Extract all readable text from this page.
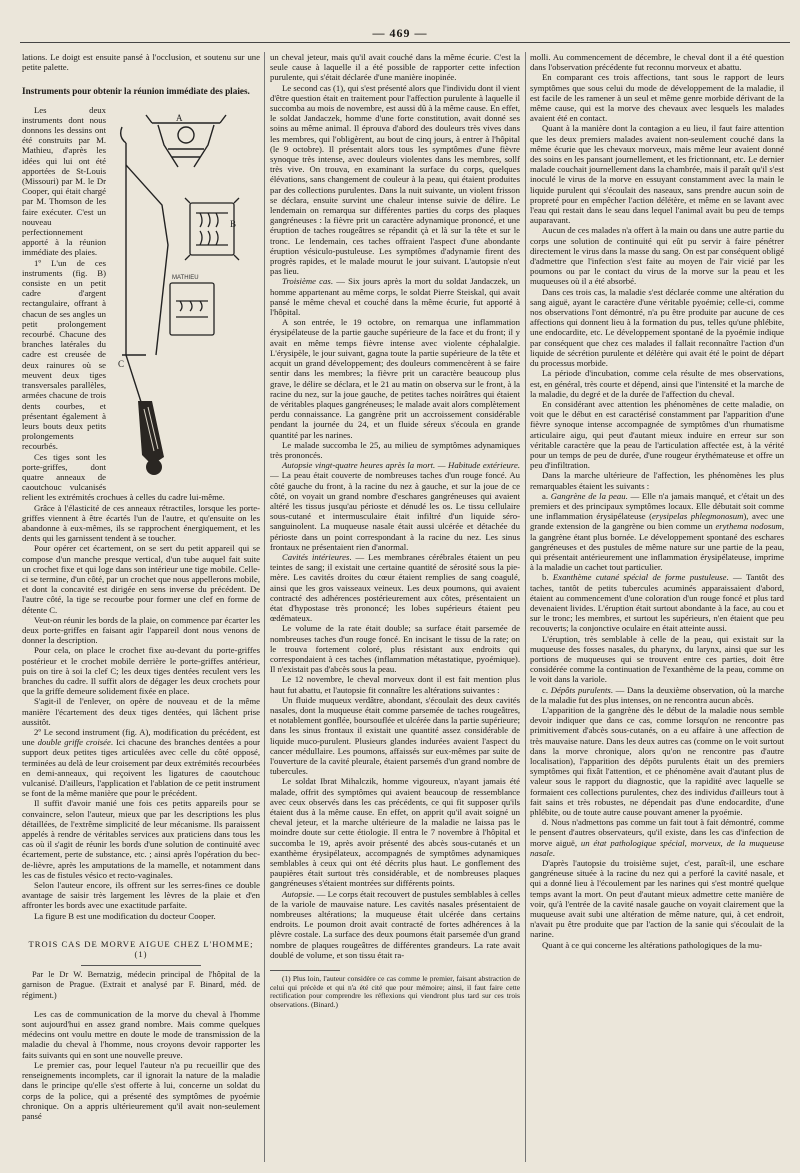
— 469 —

lations. Le doigt est ensuite pansé à l'occlusion, et soutenu sur une petite palette.

Instruments pour obtenir la réunion immédiate des plaies.
A
B
MATHIEU
C

Les deux instruments dont nous donnons les dessins ont été construits par M. Mathieu, d'après les idées qui lui ont été apportées de St-Louis (Missouri) par M. le Dr Cooper, qui était chargé par M. Thomson de les faire exécuter. C'est un nouveau perfectionnement apporté à la réunion immédiate des plaies.

1º L'un de ces instruments (fig. B) consiste en un petit cadre d'argent rectangulaire, offrant à chacun de ses angles un petit prolongement recourbé. Chacune des branches latérales du cadre est creusée de deux rainures où se meuvent deux tiges transversales parallèles, armées chacune de trois dents courbes, et présentant également à leurs bouts deux petits prolongements recourbés.

Ces tiges sont les porte-griffes, dont quatre anneaux de caoutchouc vulcanisés relient les extrémités crochues à celles du cadre lui-même.

Grâce à l'élasticité de ces anneaux rétractiles, lorsque les porte-griffes viennent à être écartés l'un de l'autre, et qu'ensuite on les abandonne à eux-mêmes, ils se rapprochent énergiquement, et les dents qui les garnissent tendent à se toucher.

Pour opérer cet écartement, on se sert du petit appareil qui se compose d'un manche presque vertical, d'un tube auquel fait suite un crochet fixe et qui loge dans son intérieur une tige mobile. Celle-ci se termine, d'un côté, par un crochet que nous appellerons mobile, et dont la concavité est dirigée en sens inverse du précédent. De l'autre côté, la tige se recourbe pour former une clef en forme de détente C.

Veut-on réunir les bords de la plaie, on commence par écarter les deux porte-griffes en faisant agir l'appareil dont nous venons de donner la description.

Pour cela, on place le crochet fixe au-devant du porte-griffes postérieur et le crochet mobile derrière le porte-griffes antérieur, puis on tire à soi la clef C; les deux tiges dentées reculent vers les branches du cadre. Il suffit alors de dégager les deux crochets pour que la griffe demeure solidement fixée en place.

S'agit-il de l'enlever, on opère de nouveau et de la même manière l'écartement des deux tiges dentées, qui lâchent prise aussitôt.

2º Le second instrument (fig. A), modification du précédent, est une double griffe croisée. Ici chacune des branches dentées a pour support deux petites tiges articulées avec celle du côté opposé, terminées au delà de leur croisement par deux extrémités recourbées en demi-anneaux, qui reçoivent les ligatures de caoutchouc vulcanisé. D'ailleurs, l'application et l'ablation de ce petit instrument se font de la même manière que pour le précédent.

Il suffit d'avoir manié une fois ces petits appareils pour se convaincre, selon l'auteur, mieux que par les descriptions les plus détaillées, de l'extrême simplicité de leur mécanisme. Ils paraissent appelés à rendre de véritables services aux praticiens dans tous les cas où il s'agit de réunir les bords d'une solution de continuité avec écartement, perte de substance, etc. ; ainsi après l'opération du bec-de-lièvre, après les amputations de la mamelle, et notamment dans les cas de fistules vésico et recto-vaginales.

Selon l'auteur encore, ils offrent sur les serres-fines ce double avantage de saisir très largement les lèvres de la plaie et d'en affronter les bords avec une exactitude parfaite.

La figure B est une modification du docteur Cooper.

TROIS CAS DE MORVE AIGUE CHEZ L'HOMME; (1)

Par le Dr W. Bernatzig, médecin principal de l'hôpital de la garnison de Prague. (Extrait et analysé par F. Binard, méd. de régiment.)

Les cas de communication de la morve du cheval à l'homme sont aujourd'hui en assez grand nombre. Mais comme quelques médecins ont voulu mettre en doute le mode de transmission de la maladie du cheval à l'homme, nous croyons devoir rapporter les faits suivants qui en sont une nouvelle preuve.

Le premier cas, pour lequel l'auteur n'a pu recueillir que des renseignements incomplets, car il ignorait la nature de la maladie dans le principe qu'elle s'est offerte à lui, concerne un soldat du corps de la police, qui a présenté des symptômes de pyoémie chronique. On a appris ultérieurement qu'il avait non-seulement pansé

un cheval jeteur, mais qu'il avait couché dans la même écurie. C'est la seule cause à laquelle il a été possible de rapporter cette infection purulente, qui s'était déclarée d'une manière inopinée.

Le second cas (1), qui s'est présenté alors que l'individu dont il vient d'être question était en traitement pour l'affection purulente à laquelle il succomba au mois de novembre, est aussi dû à la même cause. En effet, le soldat Jandaczek, homme d'une forte constitution, avait donné ses soins au même animal. Il éprouva d'abord des douleurs très vives dans les membres, qui l'obligèrent, au bout de cinq jours, à entrer à l'hôpital (le 9 octobre). Il présentait alors tous les symptômes d'une fièvre synoque très intense, avec douleurs violentes dans les membres, sollf très vive. On trouva, en examinant la surface du corps, quelques élévations, sans changement de couleur à la peau, qui étaient produites par des collections purulentes. Dans la nuit suivante, un violent frisson se déclara, ensuite survint une chaleur intense suivie de délire. Le lendemain on remarqua sur différentes parties du corps des plaques gangréneuses : la fièvre prit un caractère adynamique prononcé, et une éruption de taches rougeâtres se répandit çà et là sur la tête et sur le tronc. Le lendemain, ces taches offraient l'aspect d'une abondante éruption vésiculo-pustuleuse. Les symptômes d'adynamie firent des progrès rapides, et le malade mourut le jour suivant. L'autopsie n'eut pas lieu.

Troisième cas. — Six jours après la mort du soldat Jandaczek, un homme appartenant au même corps, le soldat Pierre Steiskal, qui avait pansé le même cheval et couché dans la même écurie, fut apporté à l'hôpital.

A son entrée, le 19 octobre, on remarqua une inflammation érysipélateuse de la partie gauche supérieure de la face et du front; il y avait en même temps fièvre intense avec violente céphalalgie. L'érysipèle, le jour suivant, gagna toute la partie supérieure de la tête et acquit un grand développement; des douleurs commencèrent à se faire sentir dans les membres; la fièvre prit un caractère beaucoup plus grave, le délire se déclara, et le 21 au matin on observa sur le front, à la racine du nez, sur la joue gauche, de petites taches noirâtres qui étaient de véritables plaques gangréneuses; le malade avait alors complètement perdu connaissance. La gangrène prit un accroissement considérable pendant la journée du 24, et un fluide séreux s'écoula en grande quantité par les narines.

Le malade succomba le 25, au milieu de symptômes adynamiques très prononcés.

Autopsie vingt-quatre heures après la mort. — Habitude extérieure. — La peau était couverte de nombreuses taches d'un rouge foncé. Au côté gauche du front, à la racine du nez à gauche, et sur la joue de ce côté, on voyait un grand nombre d'eschares gangréneuses qui avaient altéré les tissus jusqu'au périoste et dénudé les os. Le tissu cellulaire sous-cutané et intermusculaire était infiltré d'un liquide séro-sanguinolent. La muqueuse nasale était aussi ulcérée et détachée du périoste dans un point correspondant à la racine du nez. Les sinus frontaux ne présentaient rien d'anormal.

Cavités intérieures. — Les membranes cérébrales étaient un peu teintes de sang; il existait une certaine quantité de sérosité sous la pie-mère. Les cavités droites du cœur étaient remplies de sang coagulé, ainsi que les gros vaisseaux veineux. Les deux poumons, qui avaient contracté des adhérences postérieurement aux côtes, présentaient un état d'hypostase très prononcé; les lobes supérieurs étaient peu œdémateux.

Le volume de la rate était double; sa surface était parsemée de nombreuses taches d'un rouge foncé. En incisant le tissu de la rate; on le trouva fortement coloré, plus résistant aux endroits qui correspondaient à ces taches (inflammation métastatique, pyoémique). Il n'existait pas d'abcès sous la peau.

Le 12 novembre, le cheval morveux dont il est fait mention plus haut fut abattu, et l'autopsie fit connaître les altérations suivantes :

Un fluide muqueux verdâtre, abondant, s'écoulait des deux cavités nasales, dont la muqueuse était comme parsemée de taches rougeâtres, et notablement gonflée, boursouflée et ulcérée dans la partie supérieure; dans les sinus frontaux il existait une quantité assez considérable de liquide muco-purulent. Plusieurs glandes indurées avaient l'aspect du cancer médullaire. Les poumons, affaissés sur eux-mêmes par suite de l'ouverture de la cavité pleurale, étaient parsemés d'un grand nombre de tubercules.

Le soldat Ibrat Mihalczik, homme vigoureux, n'ayant jamais été malade, offrit des symptômes qui avaient beaucoup de ressemblance avec ceux observés dans les cas précédents, ce qui fit supposer qu'ils étaient dus à la même cause. En effet, on apprit qu'il avait soigné un cheval jeteur, et la marche ultérieure de la maladie ne laissa pas le moindre doute sur cette étiologie. Il entra le 7 novembre à l'hôpital et succomba le 19, après avoir présenté des abcès sous-cutanés et un exanthème érysipélateux, accompagnés de symptômes adynamiques semblables à ceux qui ont été décrits plus haut. Le gonflement des paupières était surtout très considérable, et de nombreuses plaques gangréneuses s'étaient montrées sur différents points.

Autopsie. — Le corps était recouvert de pustules semblables à celles de la variole de mauvaise nature. Les cavités nasales présentaient de nombreuses altérations; la muqueuse était ulcérée dans certains endroits. Le poumon droit avait contracté de fortes adhérences à la plèvre costale. La surface des deux poumons était parsemée d'un grand nombre de plaques rougeâtres de différentes grandeurs. La rate avait doublé de volume, et son tissu était ra-

(1) Plus loin, l'auteur considère ce cas comme le premier, faisant abstraction de celui qui précède et qui n'a été cité que pour mémoire; ainsi, il faut faire cette rectification pour comprendre les réflexions qui viendront plus tard sur ces trois observations. (Binard.)

molli. Au commencement de décembre, le cheval dont il a été question dans l'observation précédente fut reconnu morveux et abattu.

En comparant ces trois affections, tant sous le rapport de leurs symptômes que sous celui du mode de développement de la maladie, il est facile de les ramener à un seul et même genre morbide dérivant de la même cause, qui est la morve des chevaux avec lesquels les malades avaient été en contact.

Quant à la manière dont la contagion a eu lieu, il faut faire attention que les deux premiers malades avaient non-seulement couché dans la même écurie que les chevaux morveux, mais même leur avaient donné des soins en les pansant journellement, et les frictionnant, etc. Le dernier malade couchait journellement dans la chambrée, mais il paraît qu'il s'est inoculé le virus de la morve en essuyant constamment avec la main le liquide purulent qui s'écoulait des naseaux, sans prendre aucun soin de propreté pour en empêcher l'action délétère, et même en se lavant avec l'eau qui restait dans le seau dans lequel l'animal avait bu peu de temps auparavant.

Aucun de ces malades n'a offert à la main ou dans une autre partie du corps une solution de continuité qui eût pu servir à faire pénétrer directement le virus dans la masse du sang. On est par conséquent obligé d'admettre que l'infection s'est faite au moyen de l'air vicié par les poumons ou par le contact du virus de la morve sur la peau et les muqueuses où il a été absorbé.

Dans ces trois cas, la maladie s'est déclarée comme une altération du sang aiguë, ayant le caractère d'une véritable pyoémie; celle-ci, comme nos observations l'ont démontré, n'a pu être produite par aucune de ces affections qui donnent lieu à la formation du pus, telles qu'une phlébite, une endocardite, etc. Le développement spontané de la pyoémie indique par conséquent que chez ces malades il fallait reconnaître l'action d'un liquide de sécrétion purulente et délétère qui avait été le point de départ du processus morbide.

La période d'incubation, comme cela résulte de mes observations, est, en général, très courte et dépend, ainsi que l'intensité et la marche de la maladie, du degré et de la durée de l'affection du cheval.

En considérant avec attention les phénomènes de cette maladie, on voit que le début en est caractérisé constamment par l'apparition d'une fièvre synoque intense accompagnée de symptômes d'un rhumatisme articulaire aigu, qui peut d'autant mieux induire en erreur sur son véritable caractère que la peau de l'articulation affectée est, à la vérité pour un temps de peu de durée, d'une rougeur érythémateuse et offre un peu d'infiltration.

Dans la marche ultérieure de l'affection, les phénomènes les plus remarquables étaient les suivants :

a. Gangrène de la peau. — Elle n'a jamais manqué, et c'était un des premiers et des principaux symptômes locaux. Elle débutait soit comme une inflammation érysipélateuse (erysipelas phlegmonosum), avec une grande extension de la gangrène ou bien comme un erythema nodosum, la gangrène étant plus bornée. Le développement spontané des eschares gangréneuses et des pustules de même nature sur une partie de la peau, qui présentait antérieurement une inflammation érysipélateuse, imprime à la maladie un cachet tout particulier.

b. Exanthème cutané spécial de forme pustuleuse. — Tantôt des taches, tantôt de petits tubercules acuminés apparaissaient d'abord, étaient au commencement d'une coloration d'un rouge foncé et plus tard devenaient livides. L'éruption était surtout abondante à la face, au cou et sur le tronc; les membres, et surtout les supérieurs, n'en étaient que peu recouverts; la conjonctive oculaire en était atteinte aussi.

L'éruption, très semblable à celle de la peau, qui existait sur la muqueuse des fosses nasales, du pharynx, du larynx, ainsi que sur les portions de muqueuses qui se trouvent entre ces parties, doit être considérée comme la continuation de l'exanthème de la peau, comme on le voit dans la variole.

c. Dépôts purulents. — Dans la deuxième observation, où la marche de la maladie fut des plus intenses, on ne rencontra aucun abcès.

L'apparition de la gangrène dès le début de la maladie nous semble devoir indiquer que dans ce cas, comme lorsqu'on ne rencontre pas primitivement d'abcès sous-cutanés, on a eu affaire à une affection de très mauvaise nature. Dans les deux autres cas (comme on le voit surtout dans la morve chronique, alors qu'on ne rencontre pas d'autre localisation), l'apparition des dépôts purulents était un des premiers symptômes qui fixât l'attention, et ce phénomène avait d'autant plus de valeur sous le rapport du diagnostic, que la rapidité avec laquelle se formaient ces collections purulentes, chez des individus d'ailleurs tout à fait sains et très robustes, ne dépendait pas d'une endocardite, d'une phlébite, ou de toute autre cause pouvant amener la pyoémie.

d. Nous n'admettons pas comme un fait tout à fait démontré, comme le pensent d'autres observateurs, qu'il existe, dans les cas d'infection de morve aiguë, un état pathologique spécial, morveux, de la muqueuse nasale.

D'après l'autopsie du troisième sujet, c'est, paraît-il, une eschare gangréneuse située à la racine du nez qui a perforé la cavité nasale, et qui a donné lieu à l'écoulement par les narines qui s'est montré quelque temps avant la mort. On peut d'autant mieux admettre cette manière de voir, qu'à l'entrée de la cavité nasale gauche on voyait clairement que la muqueuse avait subi une altération de même nature, qui, à cet endroit, n'avait pu être produite que par l'action de la sanie qui s'écoulait de la narine.

Quant à ce qui concerne les altérations pathologiques de la mu-
